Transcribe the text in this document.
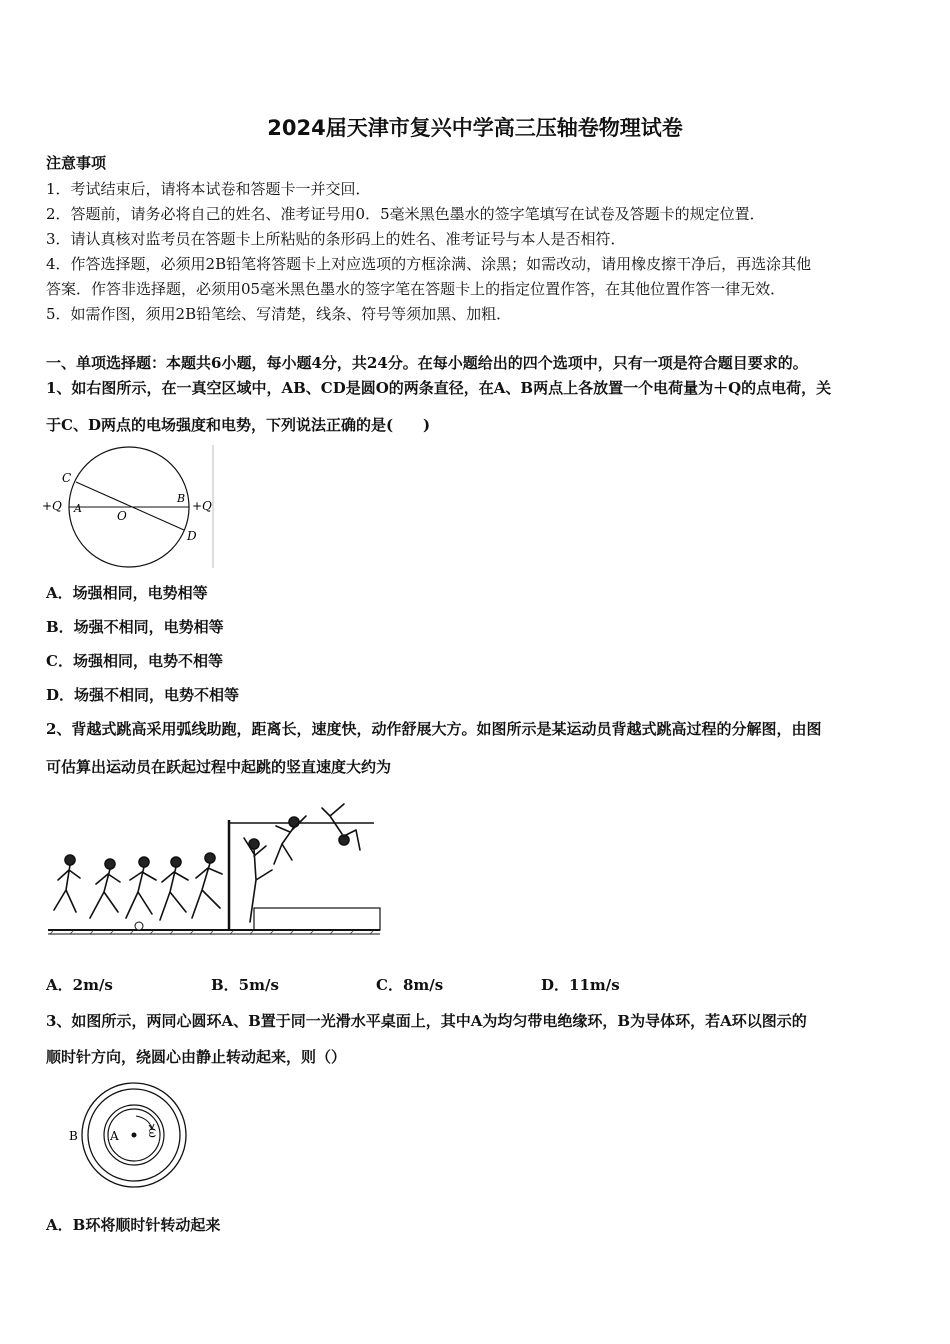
2024届天津市复兴中学高三压轴卷物理试卷
注意事项
1．考试结束后，请将本试卷和答题卡一并交回．
2．答题前，请务必将自己的姓名、准考证号用0．5毫米黑色墨水的签字笔填写在试卷及答题卡的规定位置．
3．请认真核对监考员在答题卡上所粘贴的条形码上的姓名、准考证号与本人是否相符．
4．作答选择题，必须用2B铅笔将答题卡上对应选项的方框涂满、涂黑；如需改动，请用橡皮擦干净后，再选涂其他
答案．作答非选择题，必须用05毫米黑色墨水的签字笔在答题卡上的指定位置作答，在其他位置作答一律无效．
5．如需作图，须用2B铅笔绘、写清楚，线条、符号等须加黑、加粗．
一、单项选择题：本题共6小题，每小题4分，共24分。在每小题给出的四个选项中，只有一项是符合题目要求的。
1、如右图所示，在一真空区域中，AB、CD是圆O的两条直径，在A、B两点上各放置一个电荷量为＋Q的点电荷，关
于C、D两点的电场强度和电势，下列说法正确的是(　　)
C
A
O
B
D
+Q	+Q
A．场强相同，电势相等
B．场强不相同，电势相等
C．场强相同，电势不相等
D．场强不相同，电势不相等
2、背越式跳高采用弧线助跑，距离长，速度快，动作舒展大方。如图所示是某运动员背越式跳高过程的分解图，由图
可估算出运动员在跃起过程中起跳的竖直速度大约为
A．2m/s	B．5m/s	C．8m/s	D．11m/s
3、如图所示，两同心圆环A、B置于同一光滑水平桌面上，其中A为均匀带电绝缘环，B为导体环，若A环以图示的
顺时针方向，绕圆心由静止转动起来，则（）
B	A ω
A．B环将顺时针转动起来
